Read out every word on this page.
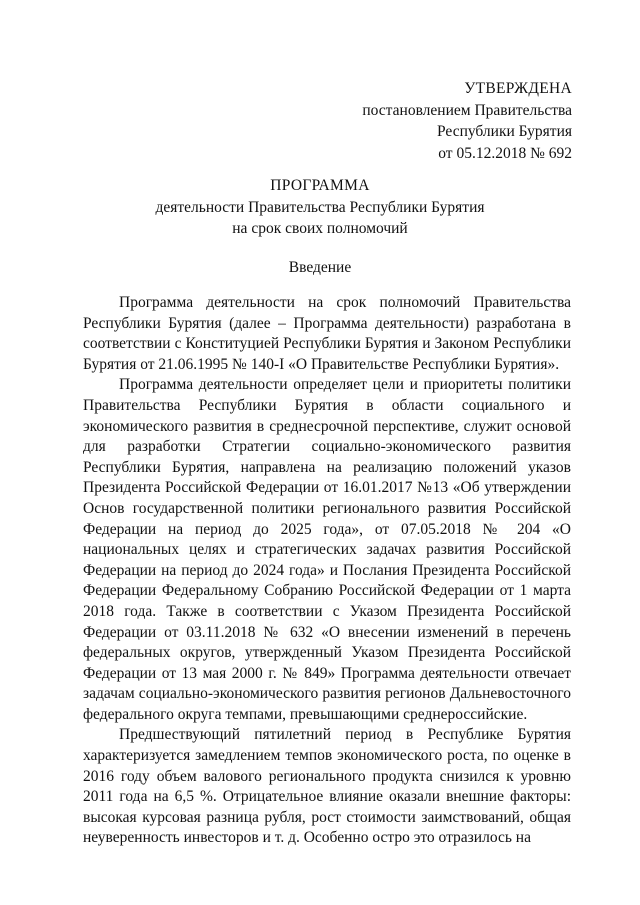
УТВЕРЖДЕНА
постановлением Правительства
Республики Бурятия
от 05.12.2018 № 692
ПРОГРАММА
деятельности Правительства Республики Бурятия
на срок своих полномочий
Введение

Программа деятельности на срок полномочий Правительства Республики Бурятия (далее – Программа деятельности) разработана в соответствии с Конституцией Республики Бурятия и Законом Республики Бурятия от 21.06.1995 № 140-I «О Правительстве Республики Бурятия».

Программа деятельности определяет цели и приоритеты политики Правительства Республики Бурятия в области социального и экономического развития в среднесрочной перспективе, служит основой для разработки Стратегии социально-экономического развития Республики Бурятия, направлена на реализацию положений указов Президента Российской Федерации от 16.01.2017 №13 «Об утверждении Основ государственной политики регионального развития Российской Федерации на период до 2025 года», от 07.05.2018 № 204 «О национальных целях и стратегических задачах развития Российской Федерации на период до 2024 года» и Послания Президента Российской Федерации Федеральному Собранию Российской Федерации от 1 марта 2018 года. Также в соответствии с Указом Президента Российской Федерации от 03.11.2018 № 632 «О внесении изменений в перечень федеральных округов, утвержденный Указом Президента Российской Федерации от 13 мая 2000 г. № 849» Программа деятельности отвечает задачам социально-экономического развития регионов Дальневосточного федерального округа темпами, превышающими среднероссийские.

Предшествующий пятилетний период в Республике Бурятия характеризуется замедлением темпов экономического роста, по оценке в 2016 году объем валового регионального продукта снизился к уровню 2011 года на 6,5 %. Отрицательное влияние оказали внешние факторы: высокая курсовая разница рубля, рост стоимости заимствований, общая неуверенность инвесторов и т. д. Особенно остро это отразилось на
